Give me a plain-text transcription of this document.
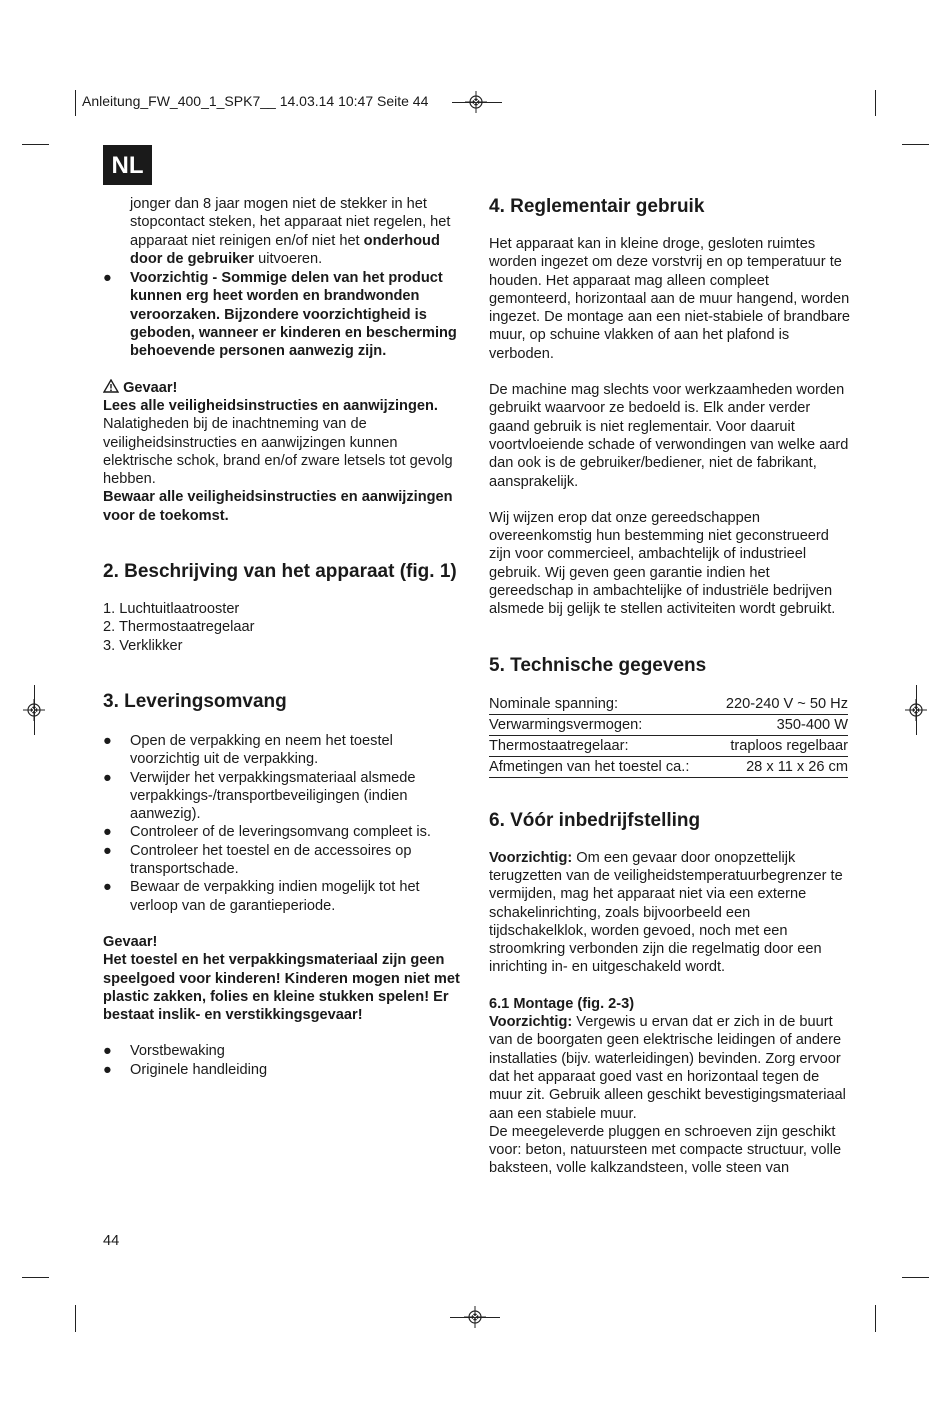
Anleitung_FW_400_1_SPK7__ 14.03.14 10:47 Seite 44
NL

jonger dan 8 jaar mogen niet de stekker in het stopcontact steken, het apparaat niet regelen, het apparaat niet reinigen en/of niet het onderhoud door de gebruiker uitvoeren.

● Voorzichtig - Sommige delen van het product kunnen erg heet worden en brandwonden veroorzaken. Bijzondere voorzichtigheid is geboden, wanneer er kinderen en bescherming behoevende personen aanwezig zijn.

Gevaar!

Lees alle veiligheidsinstructies en aanwijzingen.

Nalatigheden bij de inachtneming van de veiligheidsinstructies en aanwijzingen kunnen elektrische schok, brand en/of zware letsels tot gevolg hebben.

Bewaar alle veiligheidsinstructies en aanwijzingen voor de toekomst.

2. Beschrijving van het apparaat (fig. 1)

1. Luchtuitlaatrooster

2. Thermostaatregelaar

3. Verklikker

3. Leveringsomvang

● Open de verpakking en neem het toestel voorzichtig uit de verpakking.

● Verwijder het verpakkingsmateriaal alsmede verpakkings-/transportbeveiligingen (indien aanwezig).

● Controleer of de leveringsomvang compleet is.

● Controleer het toestel en de accessoires op transportschade.

● Bewaar de verpakking indien mogelijk tot het verloop van de garantieperiode.

Gevaar!

Het toestel en het verpakkingsmateriaal zijn geen speelgoed voor kinderen! Kinderen mogen niet met plastic zakken, folies en kleine stukken spelen! Er bestaat inslik- en verstikkingsgevaar!

● Vorstbewaking

● Originele handleiding

4. Reglementair gebruik

Het apparaat kan in kleine droge, gesloten ruimtes worden ingezet om deze vorstvrij en op temperatuur te houden. Het apparaat mag alleen compleet gemonteerd, horizontaal aan de muur hangend, worden ingezet. De montage aan een niet-stabiele of brandbare muur, op schuine vlakken of aan het plafond is verboden.

De machine mag slechts voor werkzaamheden worden gebruikt waarvoor ze bedoeld is. Elk ander verder gaand gebruik is niet reglementair. Voor daaruit voortvloeiende schade of verwondingen van welke aard dan ook is de gebruiker/bediener, niet de fabrikant, aansprakelijk.

Wij wijzen erop dat onze gereedschappen overeenkomstig hun bestemming niet geconstrueerd zijn voor commercieel, ambachtelijk of industrieel gebruik. Wij geven geen garantie indien het gereedschap in ambachtelijke of industriële bedrijven alsmede bij gelijk te stellen activiteiten wordt gebruikt.

5. Technische gegevens

Nominale spanning:	220-240 V ~ 50 Hz
Verwarmingsvermogen:	350-400 W
Thermostaatregelaar:	traploos regelbaar
Afmetingen van het toestel ca.:	28 x 11 x 26 cm

6. Vóór inbedrijfstelling

Voorzichtig: Om een gevaar door onopzettelijk terugzetten van de veiligheidstemperatuurbegrenzer te vermijden, mag het apparaat niet via een externe schakelinrichting, zoals bijvoorbeeld een tijdschakelklok, worden gevoed, noch met een stroomkring verbonden zijn die regelmatig door een inrichting in- en uitgeschakeld wordt.

6.1 Montage (fig. 2-3)

Voorzichtig: Vergewis u ervan dat er zich in de buurt van de boorgaten geen elektrische leidingen of andere installaties (bijv. waterleidingen) bevinden. Zorg ervoor dat het apparaat goed vast en horizontaal tegen de muur zit. Gebruik alleen geschikt bevestigingsmateriaal aan een stabiele muur.

De meegeleverde pluggen en schroeven zijn geschikt voor: beton, natuursteen met compacte structuur, volle baksteen, volle kalkzandsteen, volle steen van

44
